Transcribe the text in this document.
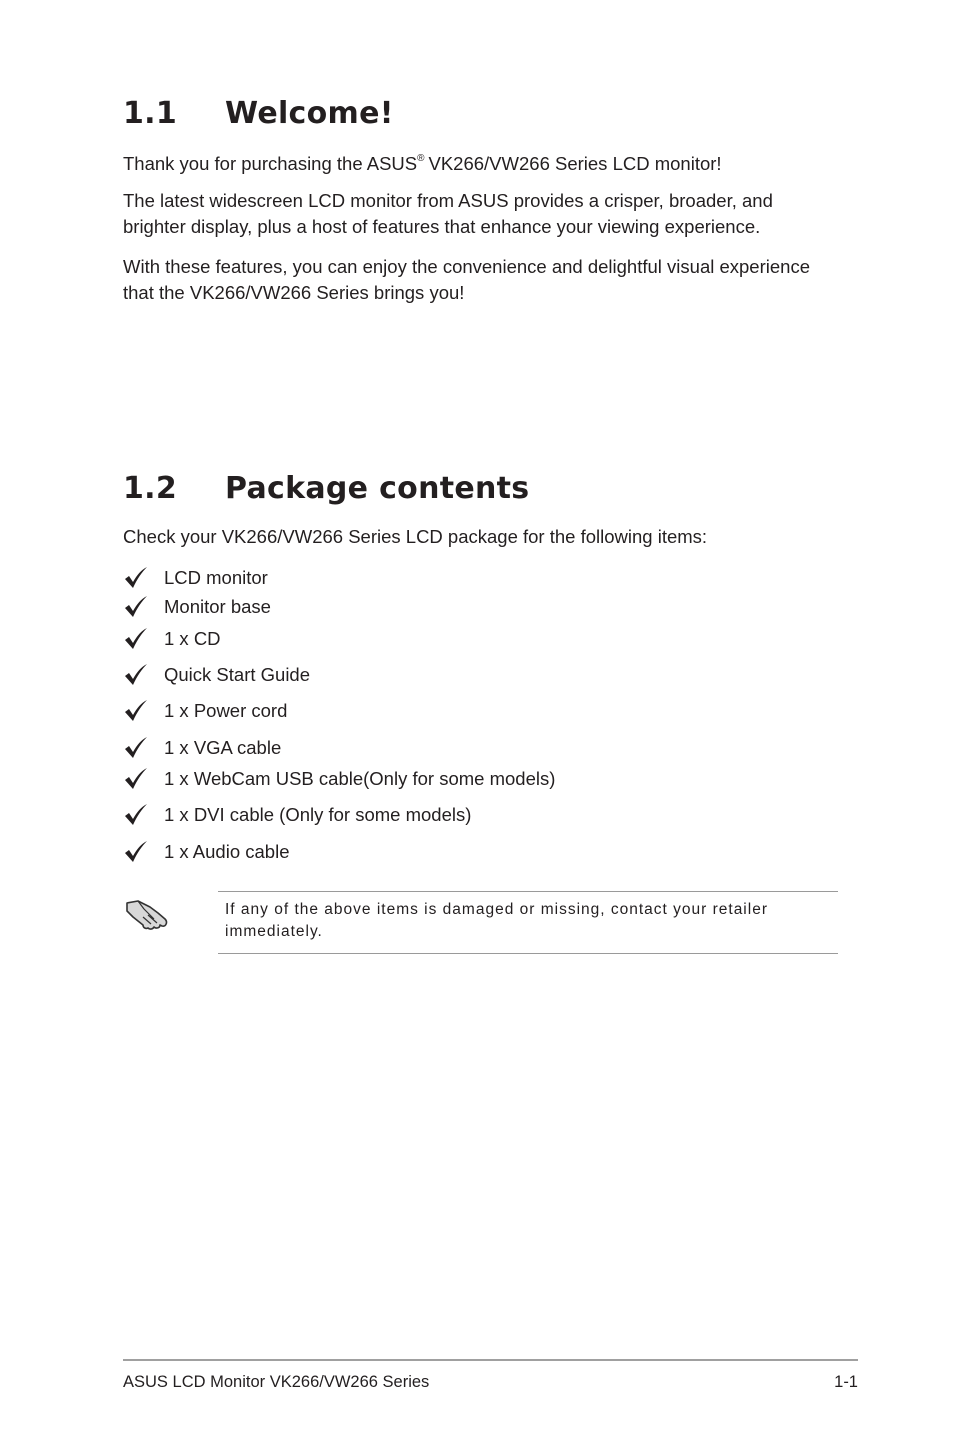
1.1 Welcome!

Thank you for purchasing the ASUS® VK266/VW266 Series LCD monitor!

The latest widescreen LCD monitor from ASUS provides a crisper, broader, and brighter display, plus a host of features that enhance your viewing experience.

With these features, you can enjoy the convenience and delightful visual experience that the VK266/VW266 Series brings you!

1.2 Package contents

Check your VK266/VW266 Series LCD package for the following items:

LCD monitor
Monitor base
1 x CD
Quick Start Guide
1 x Power cord
1 x VGA cable
1 x WebCam USB cable(Only for some models)
1 x DVI cable (Only for some models)
1 x Audio cable

If any of the above items is damaged or missing, contact your retailer immediately.

ASUS LCD Monitor VK266/VW266 Series	1-1
